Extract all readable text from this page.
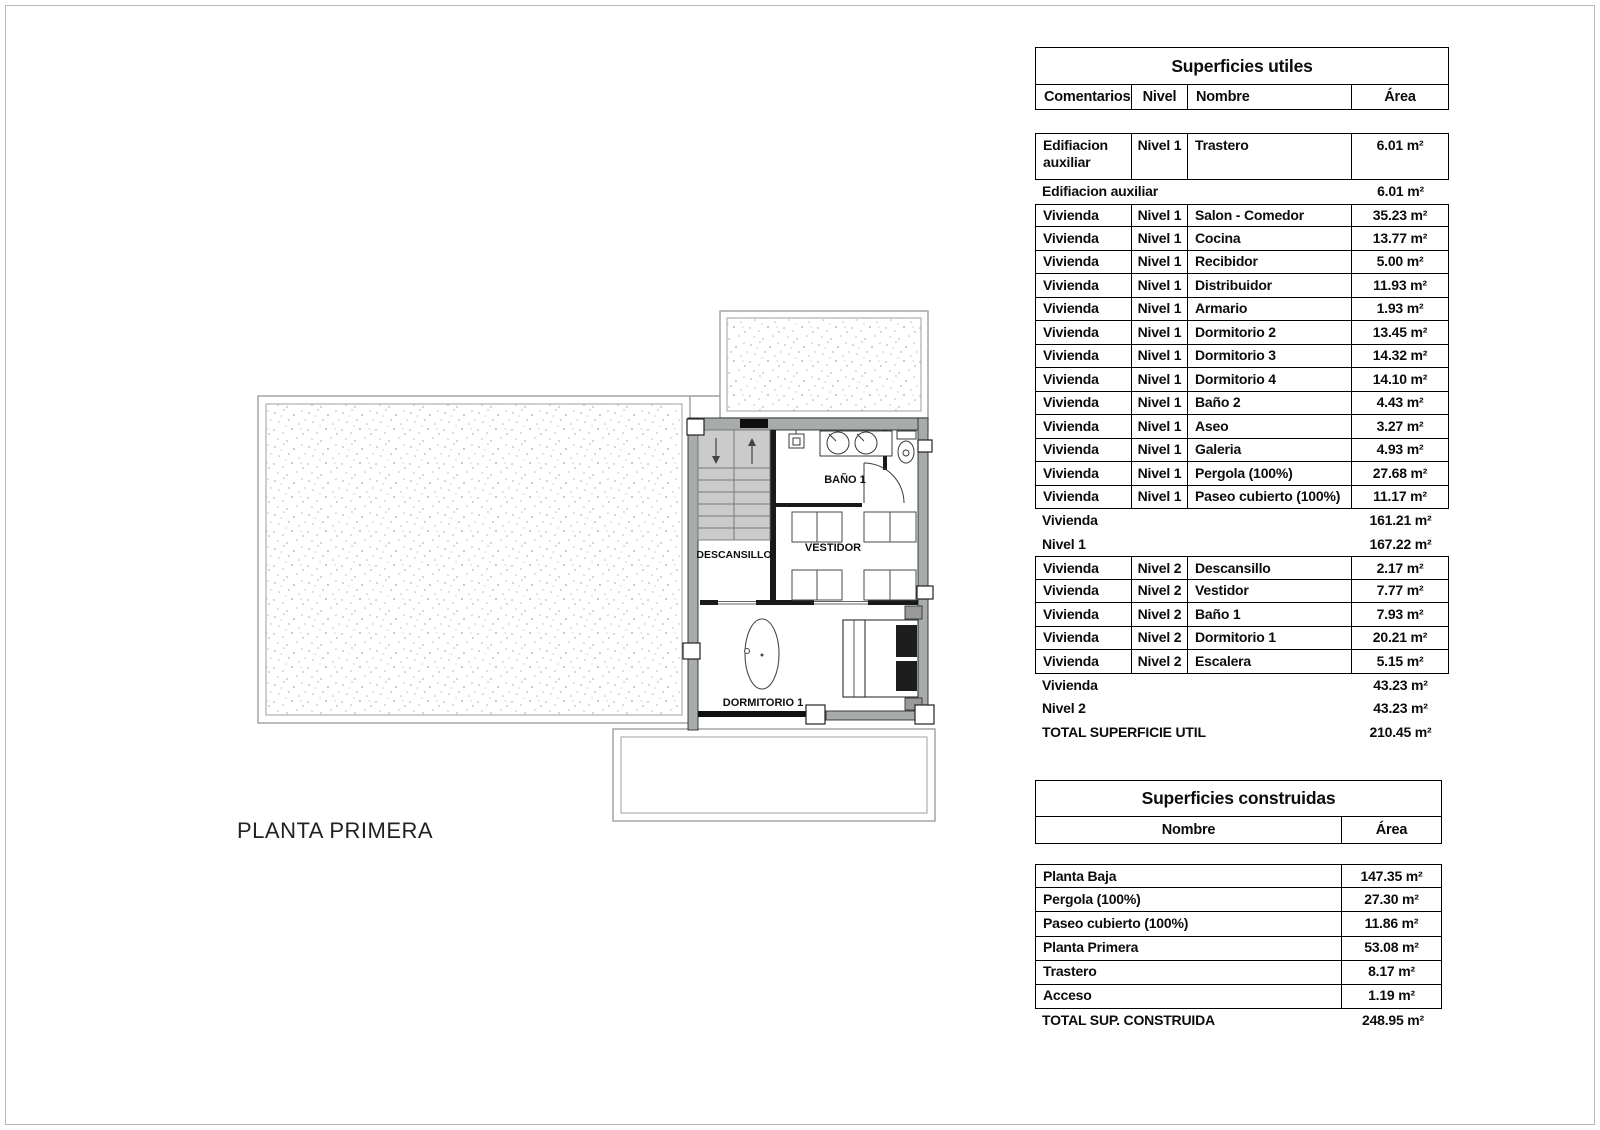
DESCANSILLO
BAÑO 1
VESTIDOR
DORMITORIO 1
PLANTA PRIMERA
Superficies utiles
Comentarios Nivel	Nombre	Área
Edifiacion auxiliar
Nivel 1 Trastero	6.01 m²
Edifiacion auxiliar	6.01 m²
Vivienda	Nivel 1 Salon - Comedor	35.23 m²
Vivienda	Nivel 1 Cocina	13.77 m²
Vivienda	Nivel 1 Recibidor	5.00 m²
Vivienda	Nivel 1 Distribuidor	11.93 m²
Vivienda	Nivel 1 Armario	1.93 m²
Vivienda	Nivel 1 Dormitorio 2	13.45 m²
Vivienda	Nivel 1 Dormitorio 3	14.32 m²
Vivienda	Nivel 1 Dormitorio 4	14.10 m²
Vivienda	Nivel 1 Baño 2	4.43 m²
Vivienda	Nivel 1 Aseo	3.27 m²
Vivienda	Nivel 1 Galeria	4.93 m²
Vivienda	Nivel 1 Pergola (100%)	27.68 m²
Vivienda	Nivel 1 Paseo cubierto (100%)	11.17 m²
Vivienda	161.21 m²
Nivel 1	167.22 m²
Vivienda	Nivel 2 Descansillo	2.17 m²
Vivienda	Nivel 2 Vestidor	7.77 m²
Vivienda	Nivel 2 Baño 1	7.93 m²
Vivienda	Nivel 2 Dormitorio 1	20.21 m²
Vivienda	Nivel 2 Escalera	5.15 m²
Vivienda	43.23 m²
Nivel 2	43.23 m²
TOTAL SUPERFICIE UTIL	210.45 m²
Superficies construidas
Nombre	Área
Planta Baja	147.35 m²
Pergola (100%)	27.30 m²
Paseo cubierto (100%)	11.86 m²
Planta Primera	53.08 m²
Trastero	8.17 m²
Acceso	1.19 m²
TOTAL SUP. CONSTRUIDA	248.95 m²
